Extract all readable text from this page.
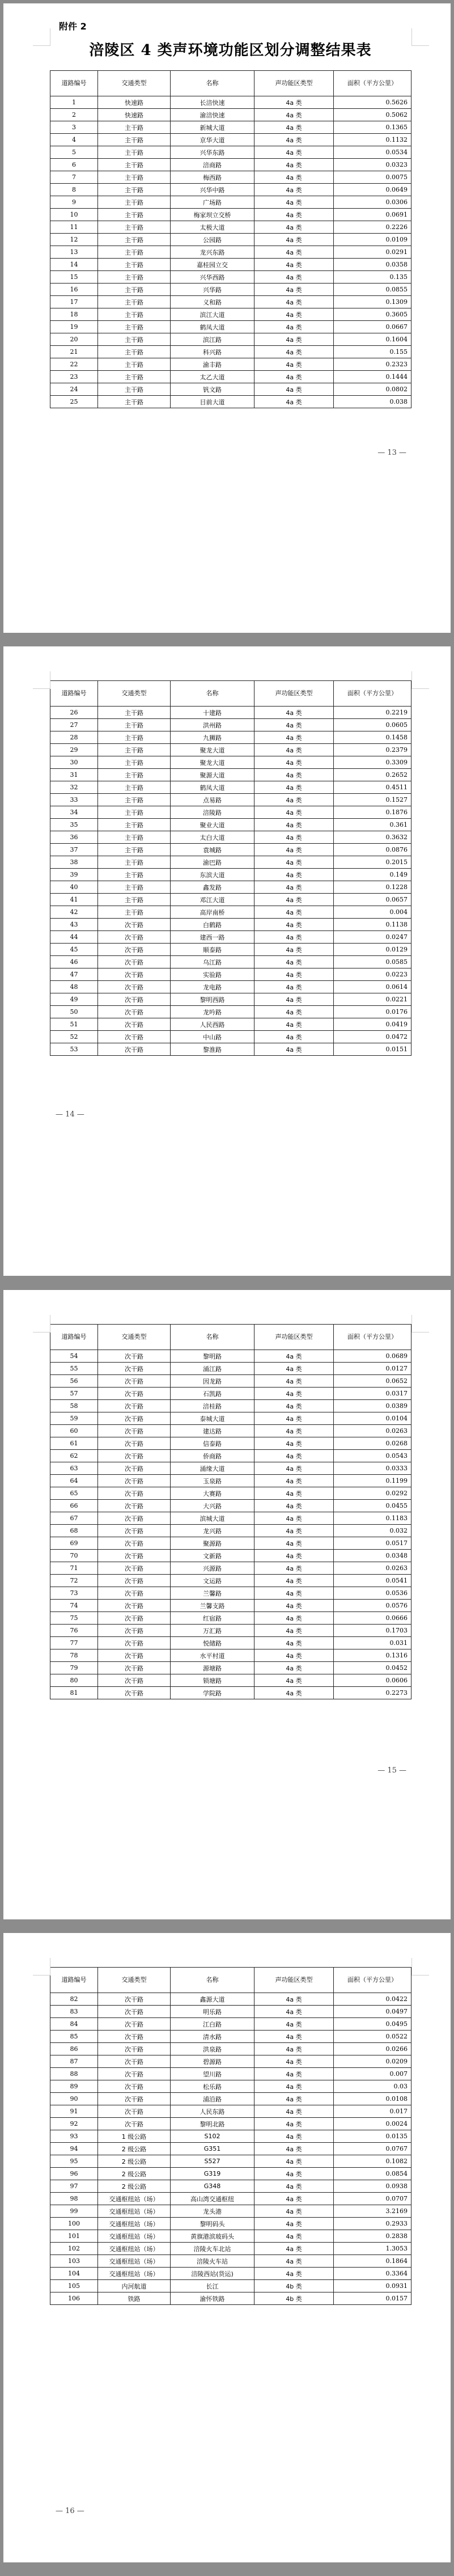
附件 2
涪陵区 4 类声环境功能区划分调整结果表
道路编号	交通类型	名称	声功能区类型	面积（平方公里）
1	快速路	长涪快速	4a 类	0.5626
2	快速路	渝涪快速	4a 类	0.5062
3	主干路	新城大道	4a 类	0.1365
4	主干路	京华大道	4a 类	0.1132
5	主干路	兴华东路	4a 类	0.0534
6	主干路	涪商路	4a 类	0.0323
7	主干路	梅西路	4a 类	0.0075
8	主干路	兴华中路	4a 类	0.0649
9	主干路	广场路	4a 类	0.0306
10	主干路	梅家坝立交桥	4a 类	0.0691
11	主干路	太极大道	4a 类	0.2226
12	主干路	公园路	4a 类	0.0109
13	主干路	龙兴东路	4a 类	0.0291
14	主干路	嘉桂园立交	4a 类	0.0358
15	主干路	兴华西路	4a 类	0.135
16	主干路	兴华路	4a 类	0.0855
17	主干路	义和路	4a 类	0.1309
18	主干路	滨江大道	4a 类	0.3605
19	主干路	鹤凤大道	4a 类	0.0667
20	主干路	滨江路	4a 类	0.1604
21	主干路	科兴路	4a 类	0.155
22	主干路	渝丰路	4a 类	0.2323
23	主干路	太乙大道	4a 类	0.1444
24	主干路	钒文路	4a 类	0.0802
25	主干路	目前大道	4a 类	0.038
— 13 —
道路编号	交通类型	名称	声功能区类型	面积（平方公里）
26	主干路	十建路	4a 类	0.2219
27	主干路	洪州路	4a 类	0.0605
28	主干路	九狮路	4a 类	0.1458
29	主干路	聚龙大道	4a 类	0.2379
30	主干路	聚龙大道	4a 类	0.3309
31	主干路	聚源大道	4a 类	0.2652
32	主干路	鹤凤大道	4a 类	0.4511
33	主干路	点易路	4a 类	0.1527
34	主干路	涪陵路	4a 类	0.1876
35	主干路	聚业大道	4a 类	0.361
36	主干路	太白大道	4a 类	0.3632
37	主干路	袁城路	4a 类	0.0876
38	主干路	渝巴路	4a 类	0.2015
39	主干路	东滨大道	4a 类	0.149
40	主干路	鑫发路	4a 类	0.1228
41	主干路	邓江大道	4a 类	0.0657
42	主干路	高岸南桥	4a 类	0.004
43	次干路	白鹤路	4a 类	0.1138
44	次干路	建西一路	4a 类	0.0247
45	次干路	顺泰路	4a 类	0.0129
46	次干路	乌江路	4a 类	0.0585
47	次干路	实验路	4a 类	0.0223
48	次干路	龙电路	4a 类	0.0614
49	次干路	黎明西路	4a 类	0.0221
50	次干路	龙吟路	4a 类	0.0176
51	次干路	人民西路	4a 类	0.0419
52	次干路	中山路	4a 类	0.0472
53	次干路	黎淮路	4a 类	0.0151
— 14 —
道路编号	交通类型	名称	声功能区类型	面积（平方公里）
54	次干路	黎明路	4a 类	0.0689
55	次干路	涌江路	4a 类	0.0127
56	次干路	因龙路	4a 类	0.0652
57	次干路	石凯路	4a 类	0.0317
58	次干路	涪桂路	4a 类	0.0389
59	次干路	泰城大道	4a 类	0.0104
60	次干路	建达路	4a 类	0.0263
61	次干路	信泰路	4a 类	0.0268
62	次干路	侨商路	4a 类	0.0543
63	次干路	涌缘大道	4a 类	0.0333
64	次干路	玉泉路	4a 类	0.1199
65	次干路	大赛路	4a 类	0.0292
66	次干路	大兴路	4a 类	0.0455
67	次干路	滨城大道	4a 类	0.1183
68	次干路	龙兴路	4a 类	0.032
69	次干路	聚源路	4a 类	0.0517
70	次干路	文新路	4a 类	0.0348
71	次干路	兴源路	4a 类	0.0263
72	次干路	文运路	4a 类	0.0541
73	次干路	兰馨路	4a 类	0.0536
74	次干路	兰馨支路	4a 类	0.0576
75	次干路	红宿路	4a 类	0.0666
76	次干路	万汇路	4a 类	0.1703
77	次干路	悦储路	4a 类	0.031
78	次干路	水平村道	4a 类	0.1316
79	次干路	源塘路	4a 类	0.0452
80	次干路	锁塘路	4a 类	0.0606
81	次干路	学院路	4a 类	0.2273
— 15 —
道路编号	交通类型	名称	声功能区类型	面积（平方公里）
82	次干路	鑫源大道	4a 类	0.0422
83	次干路	明乐路	4a 类	0.0497
84	次干路	江白路	4a 类	0.0495
85	次干路	清水路	4a 类	0.0522
86	次干路	洪泉路	4a 类	0.0266
87	次干路	碧源路	4a 类	0.0209
88	次干路	望川路	4a 类	0.007
89	次干路	松乐路	4a 类	0.03
90	次干路	浦沿路	4a 类	0.0108
91	次干路	人民东路	4a 类	0.017
92	次干路	黎明北路	4a 类	0.0024
93	1 级公路	S102	4a 类	0.0135
94	2 级公路	G351	4a 类	0.0767
95	2 级公路	S527	4a 类	0.1082
96	2 级公路	G319	4a 类	0.0854
97	2 级公路	G348	4a 类	0.0938
98	交通枢纽站（场）	高山湾交通枢纽	4a 类	0.0707
99	交通枢纽站（场）	龙头港	4a 类	3.2169
100	交通枢纽站（场）	黎明码头	4a 类	0.2933
101	交通枢纽站（场）	黄旗港滨玻码头	4a 类	0.2838
102	交通枢纽站（场）	涪陵火车北站	4a 类	1.3053
103	交通枢纽站（场）	涪陵火车站	4a 类	0.1864
104	交通枢纽站（场）	涪陵西站(货运)	4a 类	0.3364
105	内河航道	长江	4b 类	0.0931
106	铁路	渝怀铁路	4b 类	0.0157
— 16 —
